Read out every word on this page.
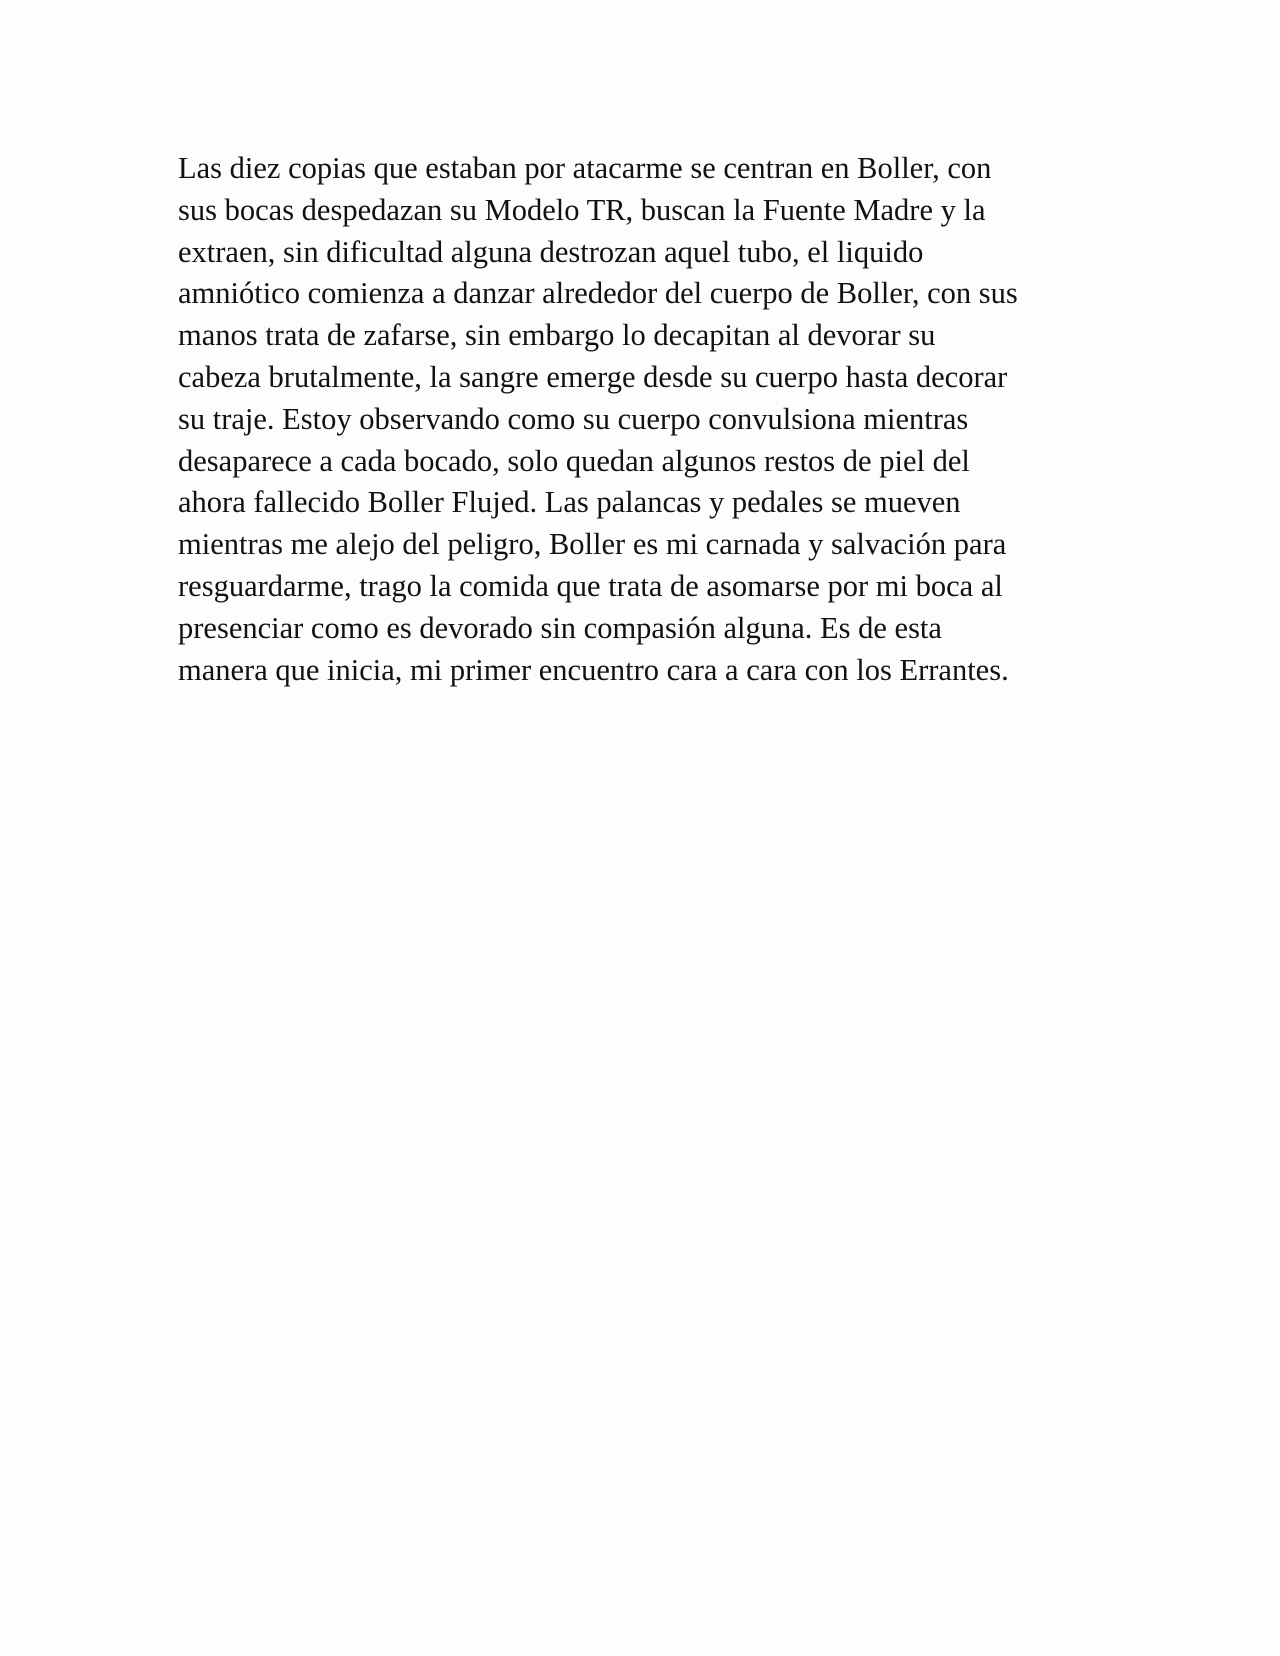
Las diez copias que estaban por atacarme se centran en Boller, con
sus bocas despedazan su Modelo TR, buscan la Fuente Madre y la
extraen, sin dificultad alguna destrozan aquel tubo, el liquido
amniótico comienza a danzar alrededor del cuerpo de Boller, con sus
manos trata de zafarse, sin embargo lo decapitan al devorar su
cabeza brutalmente, la sangre emerge desde su cuerpo hasta decorar
su traje. Estoy observando como su cuerpo convulsiona mientras
desaparece a cada bocado, solo quedan algunos restos de piel del
ahora fallecido Boller Flujed. Las palancas y pedales se mueven
mientras me alejo del peligro, Boller es mi carnada y salvación para
resguardarme, trago la comida que trata de asomarse por mi boca al
presenciar como es devorado sin compasión alguna. Es de esta
manera que inicia, mi primer encuentro cara a cara con los Errantes.
